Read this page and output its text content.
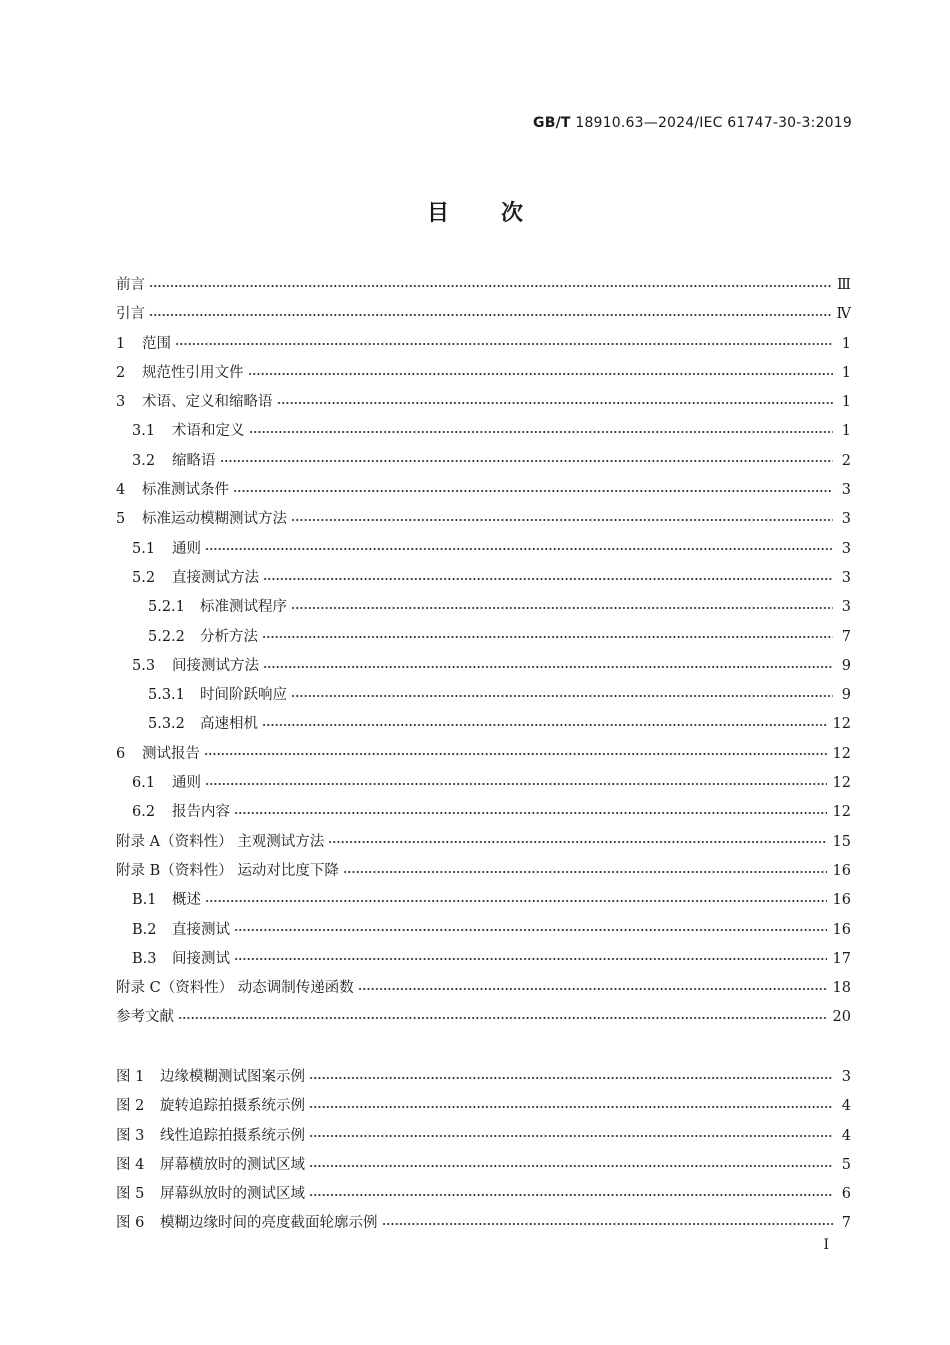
GB/T 18910.63—2024/IEC 61747-30-3:2019
目次
前言	Ⅲ
引言	Ⅳ
1	范围	1
2	规范性引用文件	1
3	术语、定义和缩略语	1
3.1	术语和定义	1
3.2	缩略语	2
4	标准测试条件	3
5	标准运动模糊测试方法	3
5.1	通则	3
5.2	直接测试方法	3
5.2.1	标准测试程序	3
5.2.2	分析方法	7
5.3	间接测试方法	9
5.3.1	时间阶跃响应	9
5.3.2	高速相机	12
6	测试报告	12
6.1	通则	12
6.2	报告内容	12
附录 A（资料性） 主观测试方法	15
附录 B（资料性） 运动对比度下降	16
B.1	概述	16
B.2	直接测试	16
B.3	间接测试	17
附录 C（资料性） 动态调制传递函数	18
参考文献	20
图 1	边缘模糊测试图案示例	3
图 2	旋转追踪拍摄系统示例	4
图 3	线性追踪拍摄系统示例	4
图 4	屏幕横放时的测试区域	5
图 5	屏幕纵放时的测试区域	6
图 6	模糊边缘时间的亮度截面轮廓示例	7
I
